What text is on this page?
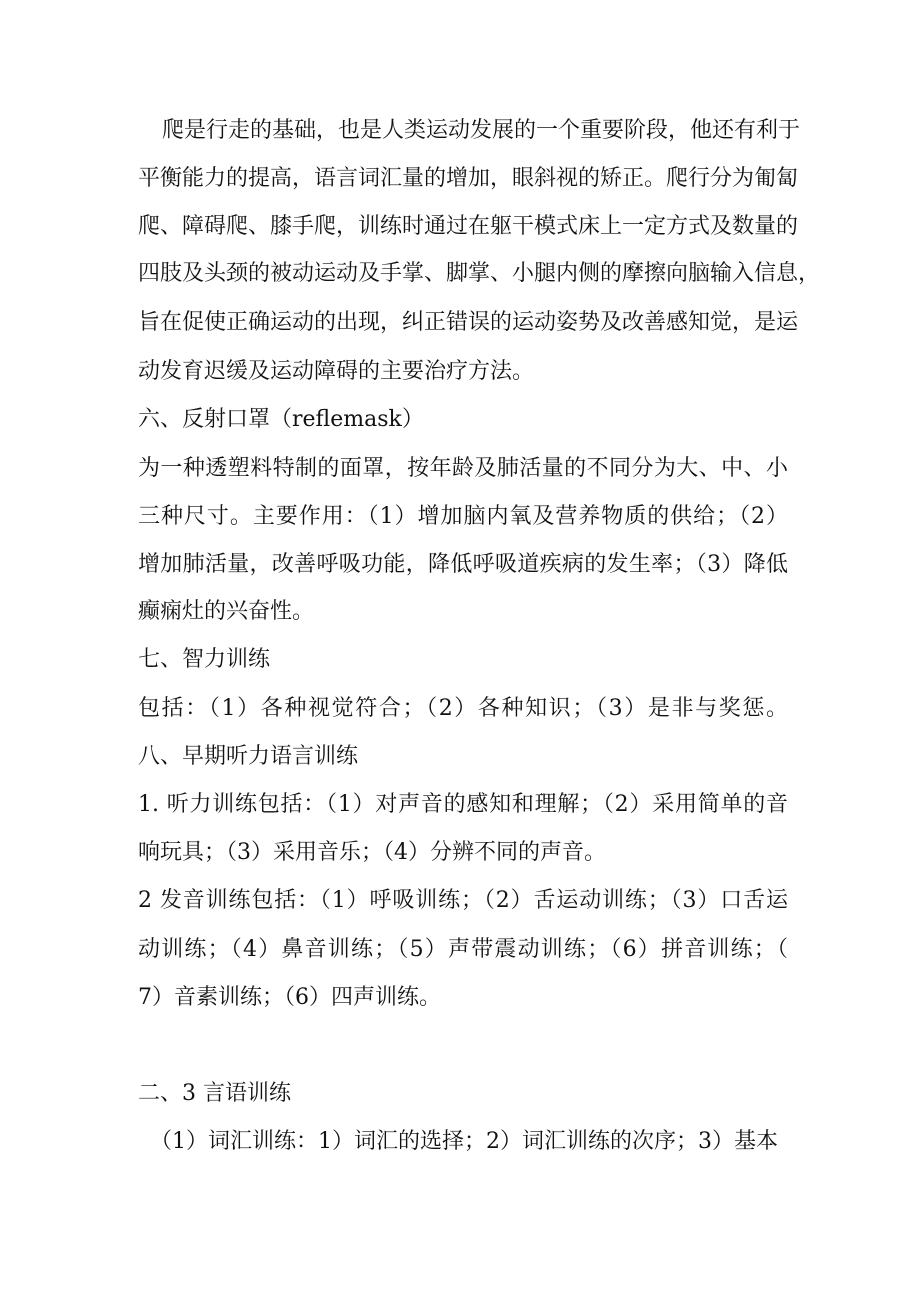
爬是行走的基础，也是人类运动发展的一个重要阶段，他还有利于
平衡能力的提高，语言词汇量的增加，眼斜视的矫正。爬行分为匍匐
爬、障碍爬、膝手爬，训练时通过在躯干模式床上一定方式及数量的
四肢及头颈的被动运动及手掌、脚掌、小腿内侧的摩擦向脑输入信息，
旨在促使正确运动的出现，纠正错误的运动姿势及改善感知觉，是运
动发育迟缓及运动障碍的主要治疗方法。
六、反射口罩（reflemask）
为一种透塑料特制的面罩，按年龄及肺活量的不同分为大、中、小
三种尺寸。主要作用：（1）增加脑内氧及营养物质的供给；（2）
增加肺活量，改善呼吸功能，降低呼吸道疾病的发生率；（3）降低
癫痫灶的兴奋性。
七、智力训练
包括：（1）各种视觉符合；（2）各种知识；（3）是非与奖惩。
八、早期听力语言训练
1. 听力训练包括：（1）对声音的感知和理解；（2）采用简单的音
响玩具；（3）采用音乐；（4）分辨不同的声音。
2 发音训练包括：（1）呼吸训练；（2）舌运动训练；（3）口舌运
动训练；（4）鼻音训练；（5）声带震动训练；（6）拼音训练；（
7）音素训练；（6）四声训练。
二、3 言语训练
（1）词汇训练：1）词汇的选择；2）词汇训练的次序；3）基本
